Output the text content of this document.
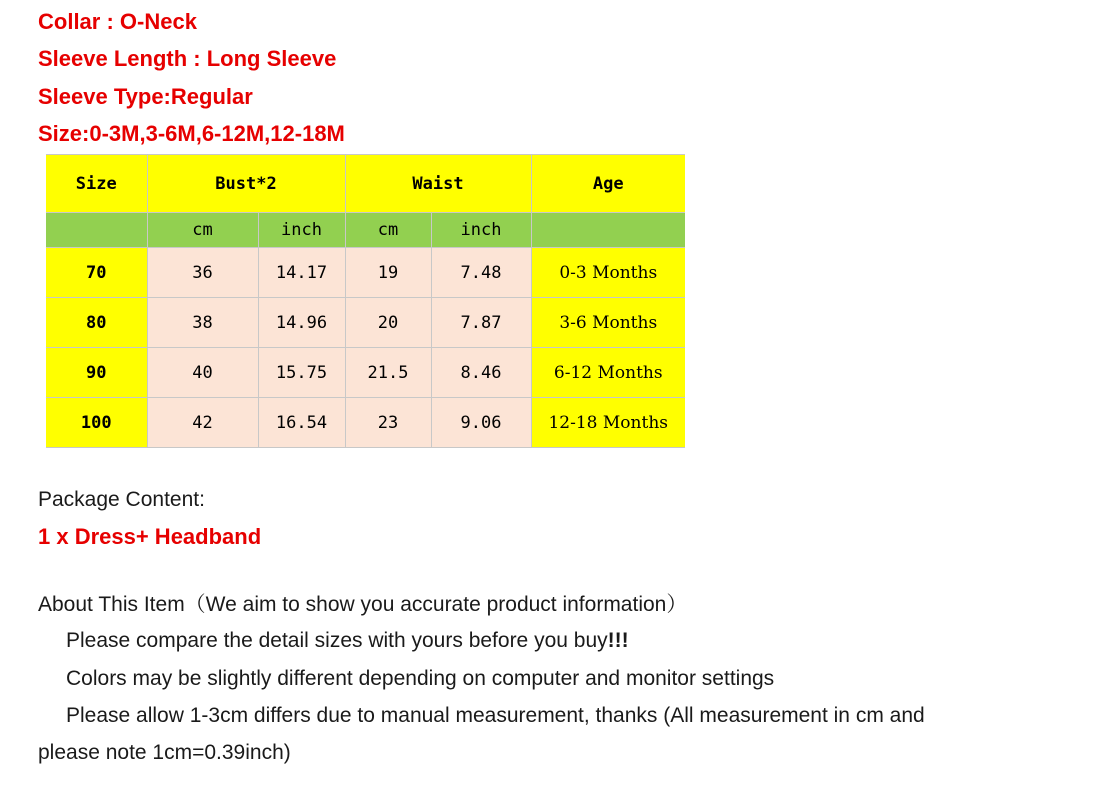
Collar : O-Neck

Sleeve Length : Long Sleeve

Sleeve Type:Regular

Size:0-3M,3-6M,6-12M,12-18M

Size	Bust*2		Waist		Age
	cm	inch	cm	inch	
70	36	14.17	19	7.48	0-3 Months
80	38	14.96	20	7.87	3-6 Months
90	40	15.75	21.5	8.46	6-12 Months
100	42	16.54	23	9.06	12-18 Months

Package Content:

1 x Dress+ Headband

About This Item（We aim to show you accurate product information）

Please compare the detail sizes with yours before you buy!!!

Colors may be slightly different depending on computer and monitor settings

Please allow 1-3cm differs due to manual measurement, thanks (All measurement in cm and

please note 1cm=0.39inch)
